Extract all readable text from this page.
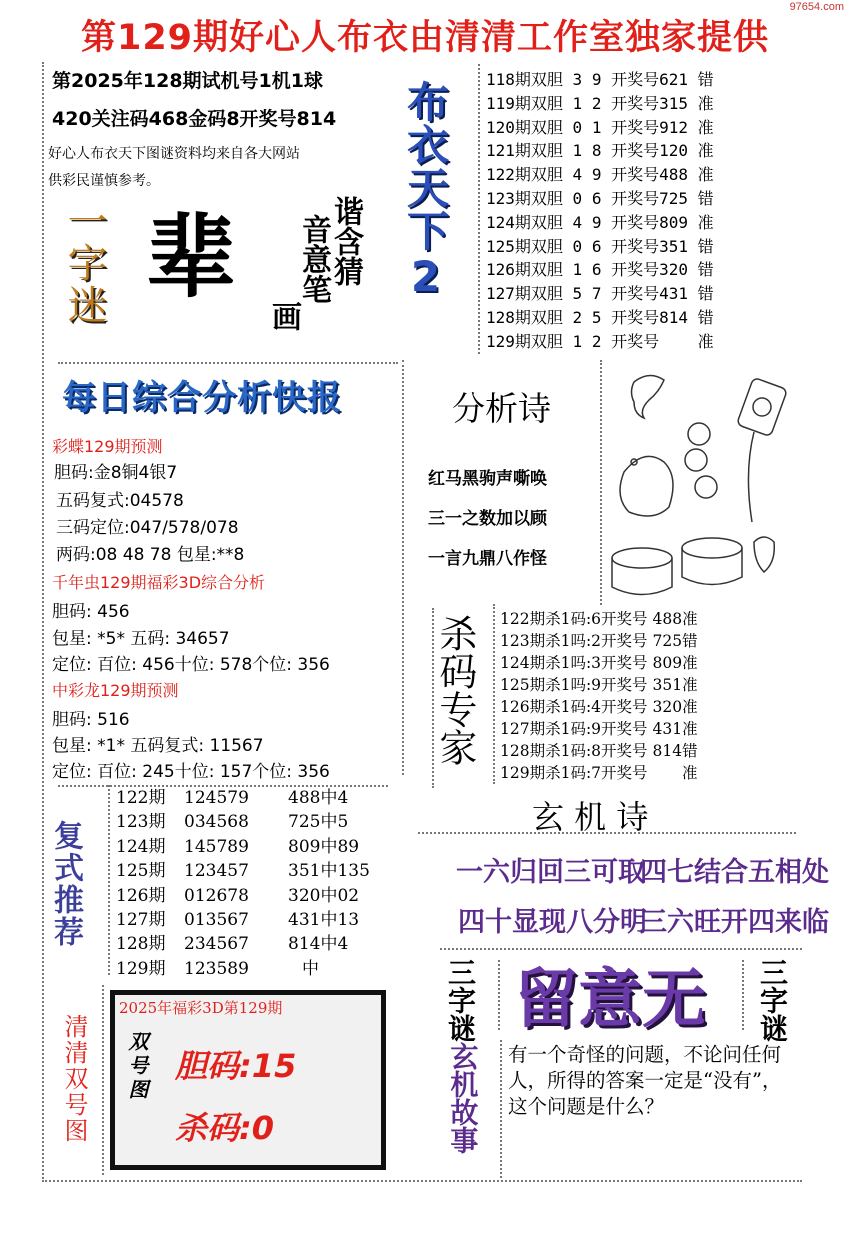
97654.com
第129期好心人布衣由清清工作室独家提供
第2025年128期试机号1机1球
420关注码468金码8开奖号814
好心人布衣天下图谜资料均来自各大网站
供彩民谨慎参考。
一字迷 辈	谐含猜
音意笔
画
布衣天下2
118期双胆 3 9 开奖号621 错
119期双胆 1 2 开奖号315 准
120期双胆 0 1 开奖号912 准
121期双胆 1 8 开奖号120 准
122期双胆 4 9 开奖号488 准
123期双胆 0 6 开奖号725 错
124期双胆 4 9 开奖号809 准
125期双胆 0 6 开奖号351 错
126期双胆 1 6 开奖号320 错
127期双胆 5 7 开奖号431 错
128期双胆 2 5 开奖号814 错
129期双胆 1 2 开奖号 准
每日综合分析快报
彩蝶129期预测
胆码:金8铜4银7
五码复式:04578
三码定位:047/578/078
两码:08 48 78 包星:**8
千年虫129期福彩3D综合分析
胆码: 456
包星: *5* 五码: 34657
定位: 百位: 456十位: 578个位: 356
中彩龙129期预测
胆码: 516
包星: *1* 五码复式: 11567
定位: 百位: 245十位: 157个位: 356
分析诗
红马黑驹声嘶唤
三一之数加以顾
一言九鼎八作怪
杀码专家 122期杀1码:6开奖号 488准
123期杀1吗:2开奖号 725错
124期杀1吗:3开奖号 809准
125期杀1吗:9开奖号 351准
126期杀1码:4开奖号 320准
127期杀1码:9开奖号 431准
128期杀1码:8开奖号 814错
129期杀1码:7开奖号 准
复式推荐
122期 124579 488中4
123期 034568 725中5
124期 145789 809中89
125期 123457 351中135
126期 012678 320中02
127期 013567 431中13
128期 234567 814中4
129期 123589	中
玄 机 诗
一六归回三可取
四七结合五相处
四十显现八分明
三六旺开四来临
清清双号图
2025年福彩3D第129期
双号图 胆码:15
杀码:0
三字谜 留意无 三字谜
玄机故事 有一个奇怪的问题，不论问任何人，所得的答案一定是“没有”，这个问题是什么？
